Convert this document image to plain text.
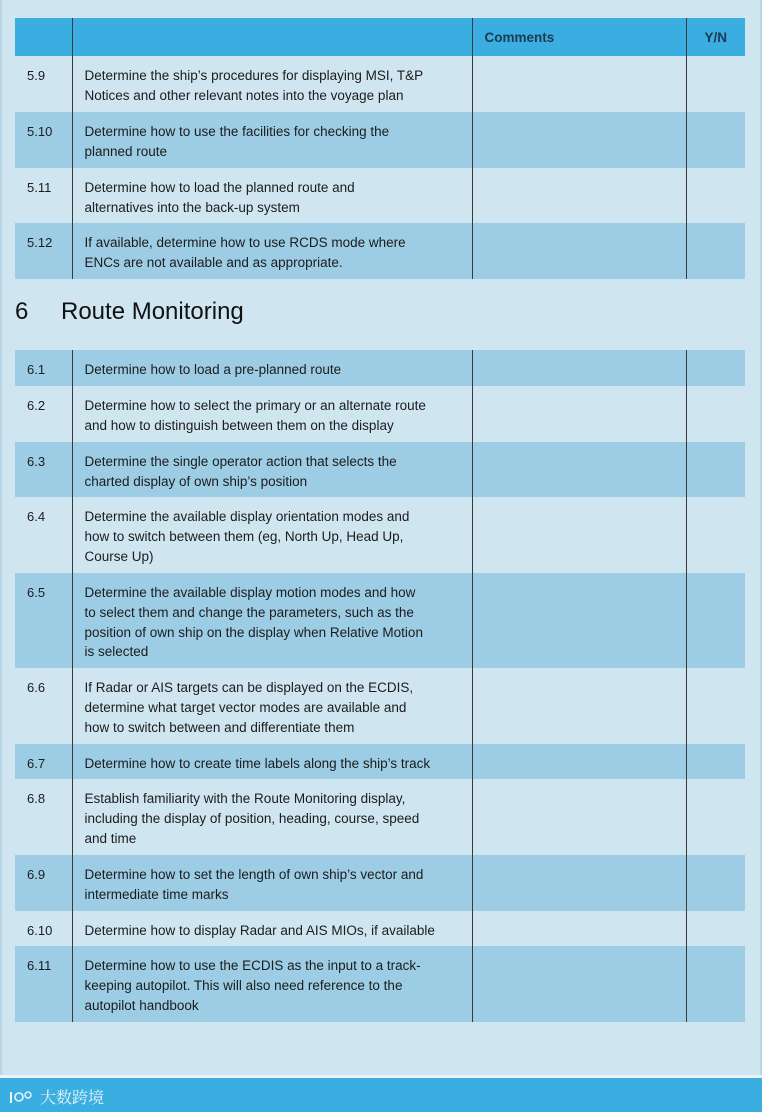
		Comments	Y/N
5.9	Determine the ship’s procedures for displaying MSI, T&P
Notices and other relevant notes into the voyage plan		

5.10	Determine how to use the facilities for checking the
planned route		

5.11	Determine how to load the planned route and
alternatives into the back-up system		

5.12	If available, determine how to use RCDS mode where
ENCs are not available and as appropriate.		

6 Route Monitoring
6.1	Determine how to load a pre-planned route		

6.2	Determine how to select the primary or an alternate route
and how to distinguish between them on the display		

6.3	Determine the single operator action that selects the
charted display of own ship’s position		

6.4	Determine the available display orientation modes and
how to switch between them (eg, North Up, Head Up,
Course Up)		

6.5	Determine the available display motion modes and how
to select them and change the parameters, such as the
position of own ship on the display when Relative Motion
is selected		

6.6	If Radar or AIS targets can be displayed on the ECDIS,
determine what target vector modes are available and
how to switch between and differentiate them		

6.7	Determine how to create time labels along the ship’s track		

6.8	Establish familiarity with the Route Monitoring display,
including the display of position, heading, course, speed
and time		

6.9	Determine how to set the length of own ship’s vector and
intermediate time marks		

6.10	Determine how to display Radar and AIS MIOs, if available		

6.11	Determine how to use the ECDIS as the input to a track-
keeping autopilot. This will also need reference to the
autopilot handbook		

大数跨境
